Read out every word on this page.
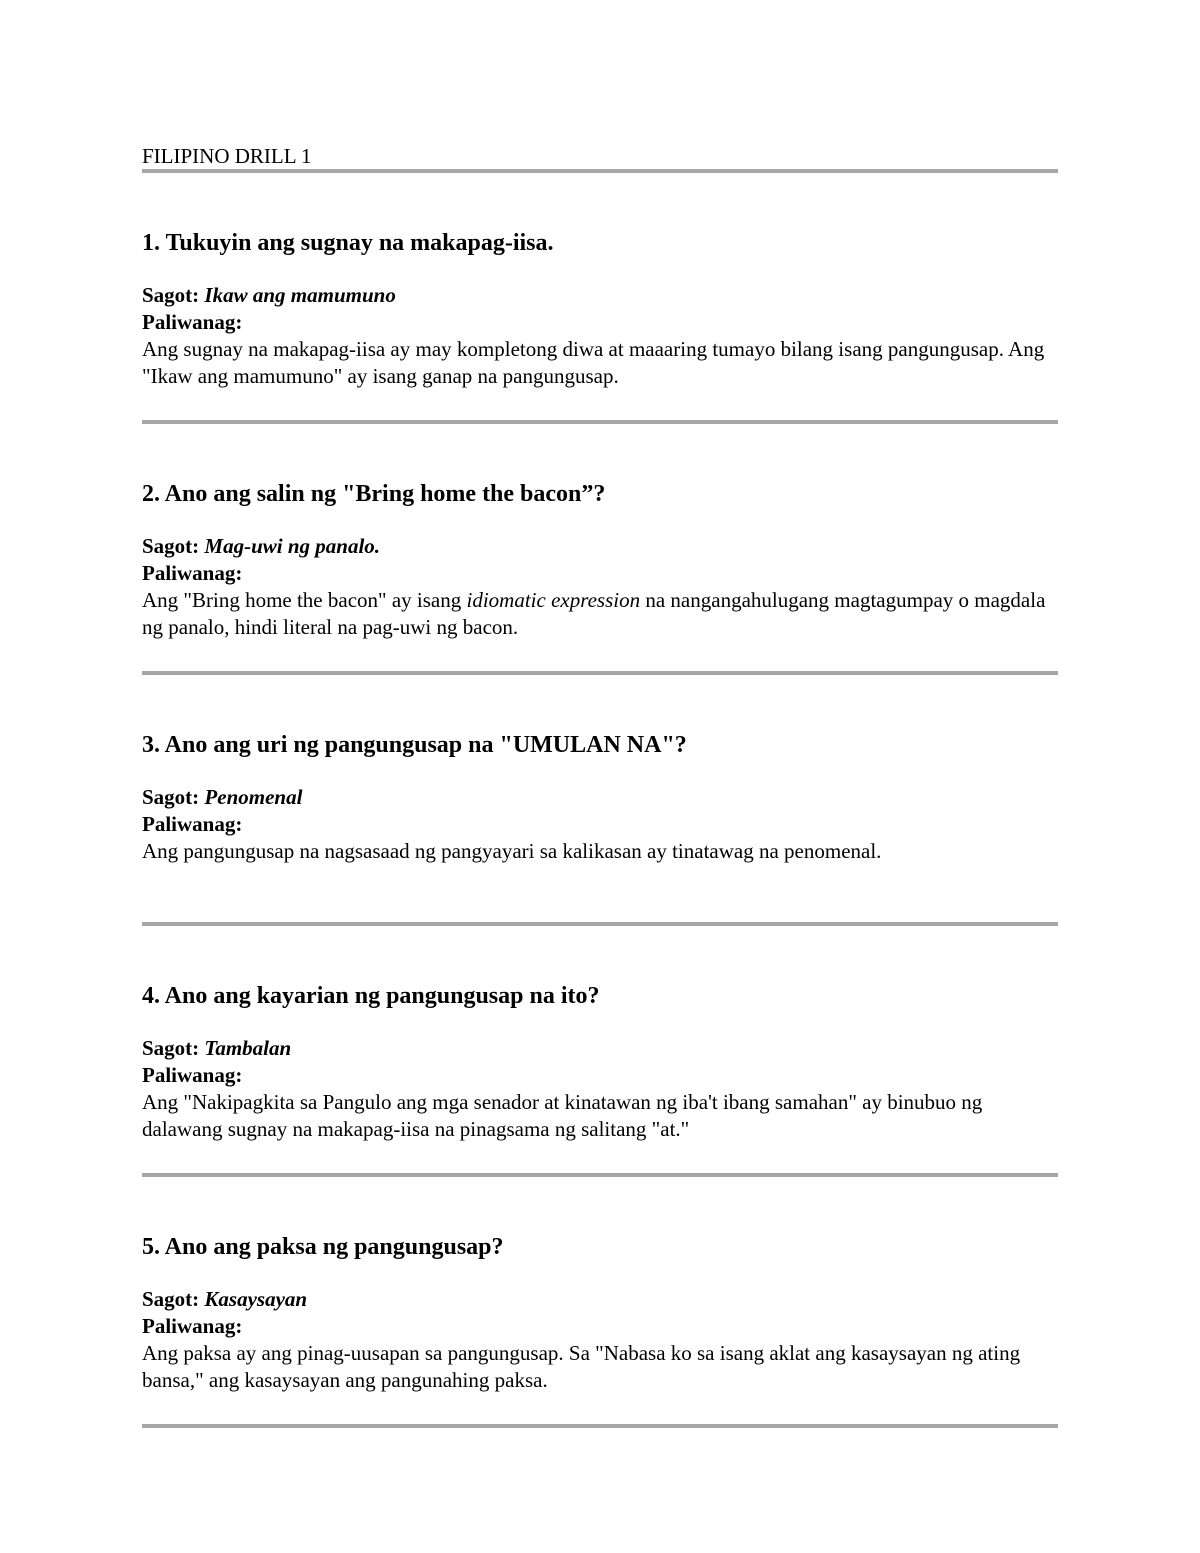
FILIPINO DRILL 1

1. Tukuyin ang sugnay na makapag-iisa.

Sagot: Ikaw ang mamumuno

Paliwanag:

Ang sugnay na makapag-iisa ay may kompletong diwa at maaaring tumayo bilang isang pangungusap. Ang "Ikaw ang mamumuno" ay isang ganap na pangungusap.

2. Ano ang salin ng "Bring home the bacon”?

Sagot: Mag-uwi ng panalo.

Paliwanag:

Ang "Bring home the bacon" ay isang idiomatic expression na nangangahulugang magtagumpay o magdala ng panalo, hindi literal na pag-uwi ng bacon.

3. Ano ang uri ng pangungusap na "UMULAN NA"?

Sagot: Penomenal

Paliwanag:

Ang pangungusap na nagsasaad ng pangyayari sa kalikasan ay tinatawag na penomenal.

4. Ano ang kayarian ng pangungusap na ito?

Sagot: Tambalan

Paliwanag:

Ang "Nakipagkita sa Pangulo ang mga senador at kinatawan ng iba't ibang samahan" ay binubuo ng dalawang sugnay na makapag-iisa na pinagsama ng salitang "at."

5. Ano ang paksa ng pangungusap?

Sagot: Kasaysayan

Paliwanag:

Ang paksa ay ang pinag-uusapan sa pangungusap. Sa "Nabasa ko sa isang aklat ang kasaysayan ng ating bansa," ang kasaysayan ang pangunahing paksa.
